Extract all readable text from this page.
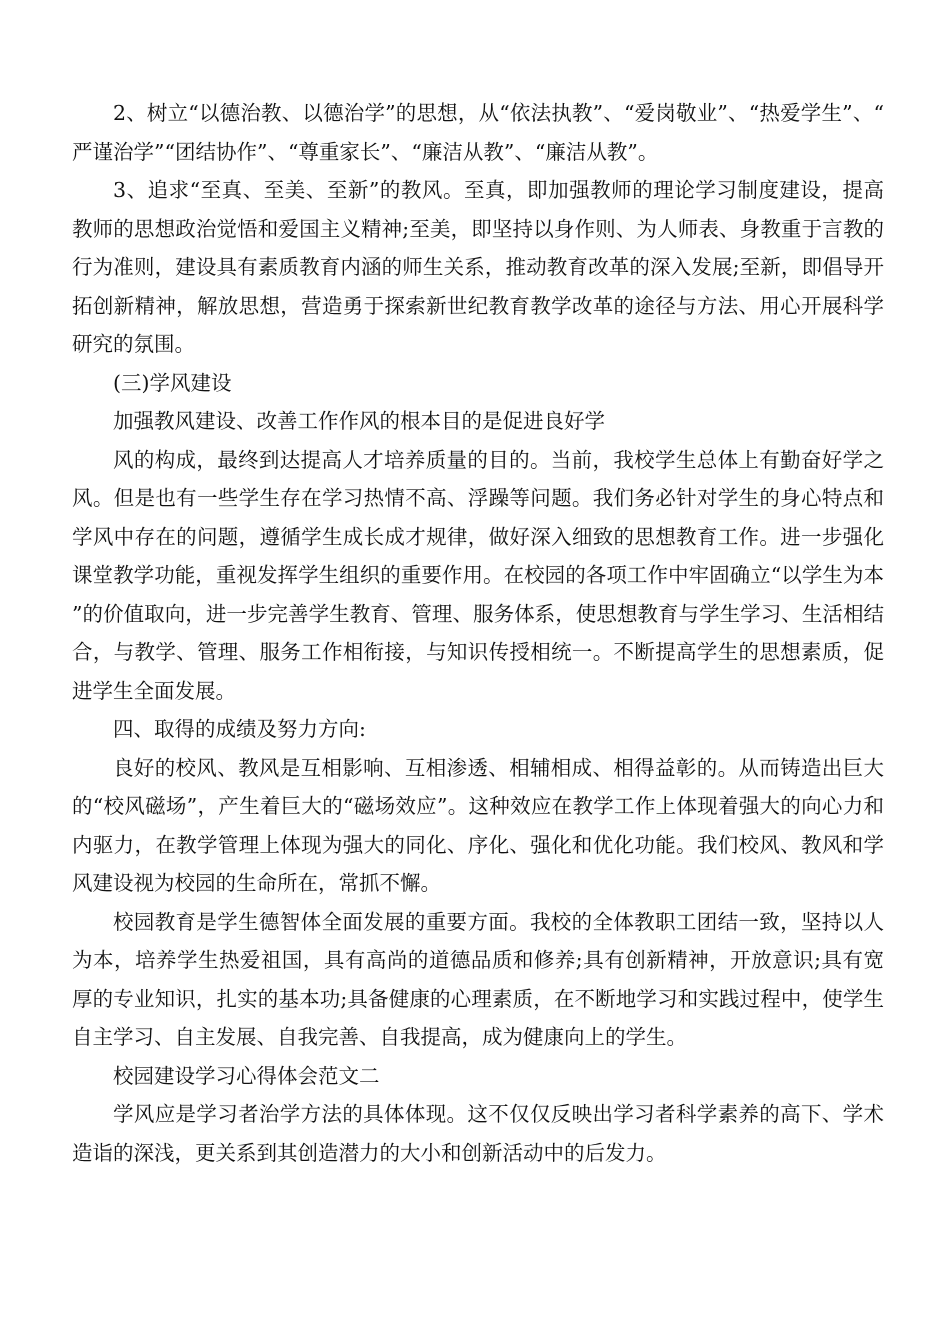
2、树立“以德治教、以德治学”的思想，从“依法执教”、“爱岗敬业”、“热爱学生”、“严谨治学”“团结协作”、“尊重家长”、“廉洁从教”、“廉洁从教”。

3、追求“至真、至美、至新”的教风。至真，即加强教师的理论学习制度建设，提高教师的思想政治觉悟和爱国主义精神;至美，即坚持以身作则、为人师表、身教重于言教的行为准则，建设具有素质教育内涵的师生关系，推动教育改革的深入发展;至新，即倡导开拓创新精神，解放思想，营造勇于探索新世纪教育教学改革的途径与方法、用心开展科学研究的氛围。

(三)学风建设

加强教风建设、改善工作作风的根本目的是促进良好学

风的构成，最终到达提高人才培养质量的目的。当前，我校学生总体上有勤奋好学之风。但是也有一些学生存在学习热情不高、浮躁等问题。我们务必针对学生的身心特点和学风中存在的问题，遵循学生成长成才规律，做好深入细致的思想教育工作。进一步强化课堂教学功能，重视发挥学生组织的重要作用。在校园的各项工作中牢固确立“以学生为本”的价值取向，进一步完善学生教育、管理、服务体系，使思想教育与学生学习、生活相结合，与教学、管理、服务工作相衔接，与知识传授相统一。不断提高学生的思想素质，促进学生全面发展。

四、取得的成绩及努力方向:

良好的校风、教风是互相影响、互相渗透、相辅相成、相得益彰的。从而铸造出巨大的“校风磁场”，产生着巨大的“磁场效应”。这种效应在教学工作上体现着强大的向心力和内驱力，在教学管理上体现为强大的同化、序化、强化和优化功能。我们校风、教风和学风建设视为校园的生命所在，常抓不懈。

校园教育是学生德智体全面发展的重要方面。我校的全体教职工团结一致，坚持以人为本，培养学生热爱祖国，具有高尚的道德品质和修养;具有创新精神，开放意识;具有宽厚的专业知识，扎实的基本功;具备健康的心理素质，在不断地学习和实践过程中，使学生自主学习、自主发展、自我完善、自我提高，成为健康向上的学生。

校园建设学习心得体会范文二

学风应是学习者治学方法的具体体现。这不仅仅反映出学习者科学素养的高下、学术造诣的深浅，更关系到其创造潜力的大小和创新活动中的后发力。
